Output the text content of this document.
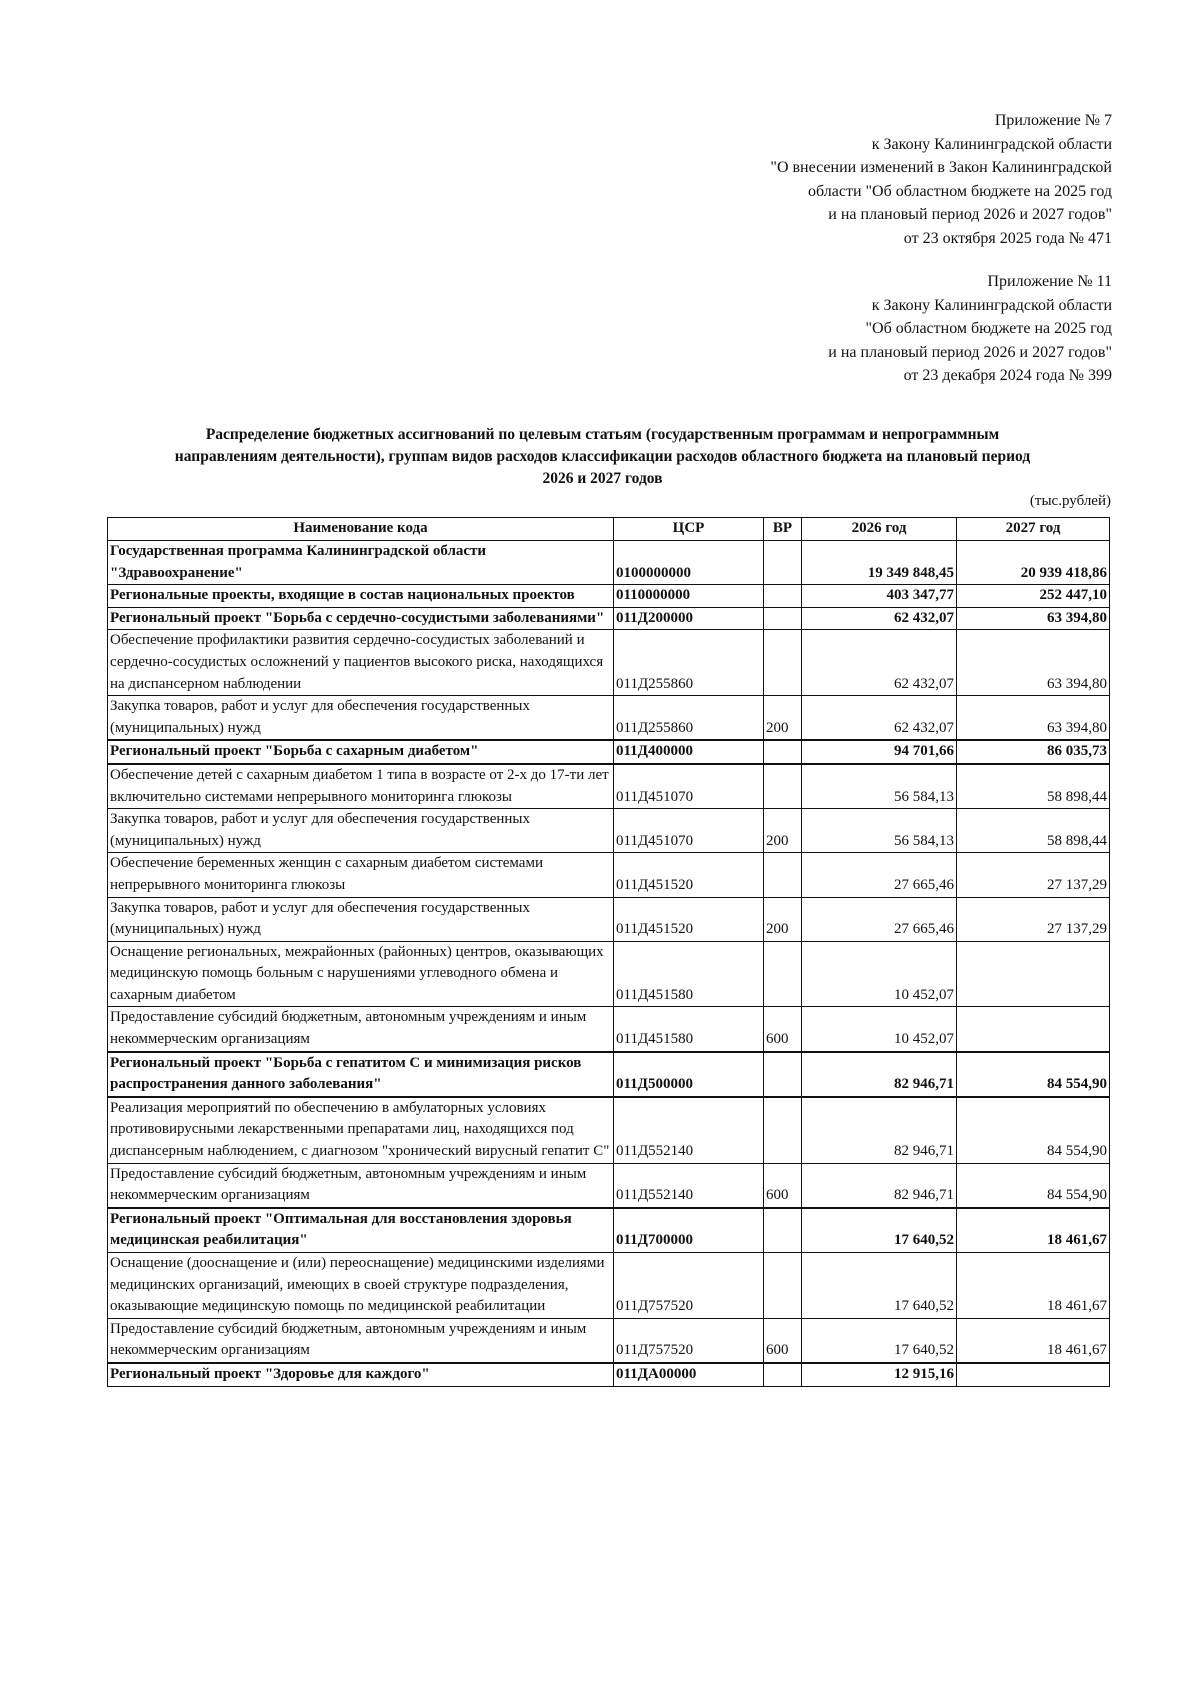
Приложение № 7
к Закону Калининградской области
"О внесении изменений в Закон Калининградской
области "Об областном бюджете на 2025 год
и на плановый период 2026 и 2027 годов"
от 23 октября 2025 года № 471
Приложение № 11
к Закону Калининградской области
"Об областном бюджете на 2025 год
и на плановый период 2026 и 2027 годов"
от 23 декабря 2024 года № 399
Распределение бюджетных ассигнований по целевым статьям (государственным программам и непрограммным
направлениям деятельности), группам видов расходов классификации расходов областного бюджета на плановый период
2026 и 2027 годов
(тыс.рублей)
Наименование кода	ЦСР	ВР	2026 год	2027 год
Государственная программа Калининградской области "Здравоохранение"	0100000000		19 349 848,45	20 939 418,86
Региональные проекты, входящие в состав национальных проектов	0110000000		403 347,77	252 447,10
Региональный проект "Борьба с сердечно-сосудистыми заболеваниями"	011Д200000		62 432,07	63 394,80
Обеспечение профилактики развития сердечно-сосудистых заболеваний и сердечно-сосудистых осложнений у пациентов высокого риска, находящихся на диспансерном наблюдении	011Д255860		62 432,07	63 394,80
Закупка товаров, работ и услуг для обеспечения государственных (муниципальных) нужд	011Д255860	200	62 432,07	63 394,80
Региональный проект "Борьба с сахарным диабетом"	011Д400000		94 701,66	86 035,73
Обеспечение детей с сахарным диабетом 1 типа в возрасте от 2-х до 17-ти лет включительно системами непрерывного мониторинга глюкозы	011Д451070		56 584,13	58 898,44
Закупка товаров, работ и услуг для обеспечения государственных (муниципальных) нужд	011Д451070	200	56 584,13	58 898,44
Обеспечение беременных женщин с сахарным диабетом системами непрерывного мониторинга глюкозы	011Д451520		27 665,46	27 137,29
Закупка товаров, работ и услуг для обеспечения государственных (муниципальных) нужд	011Д451520	200	27 665,46	27 137,29
Оснащение региональных, межрайонных (районных) центров, оказывающих медицинскую помощь больным с нарушениями углеводного обмена и сахарным диабетом	011Д451580		10 452,07	
Предоставление субсидий бюджетным, автономным учреждениям и иным некоммерческим организациям	011Д451580	600	10 452,07	
Региональный проект "Борьба с гепатитом С и минимизация рисков распространения данного заболевания"	011Д500000		82 946,71	84 554,90
Реализация мероприятий по обеспечению в амбулаторных условиях противовирусными лекарственными препаратами лиц, находящихся под диспансерным наблюдением, с диагнозом "хронический вирусный гепатит С"	011Д552140		82 946,71	84 554,90
Предоставление субсидий бюджетным, автономным учреждениям и иным некоммерческим организациям	011Д552140	600	82 946,71	84 554,90
Региональный проект "Оптимальная для восстановления здоровья медицинская реабилитация"	011Д700000		17 640,52	18 461,67
Оснащение (дооснащение и (или) переоснащение) медицинскими изделиями медицинских организаций, имеющих в своей структуре подразделения, оказывающие медицинскую помощь по медицинской реабилитации	011Д757520		17 640,52	18 461,67
Предоставление субсидий бюджетным, автономным учреждениям и иным некоммерческим организациям	011Д757520	600	17 640,52	18 461,67
Региональный проект "Здоровье для каждого"	011ДА00000		12 915,16	
